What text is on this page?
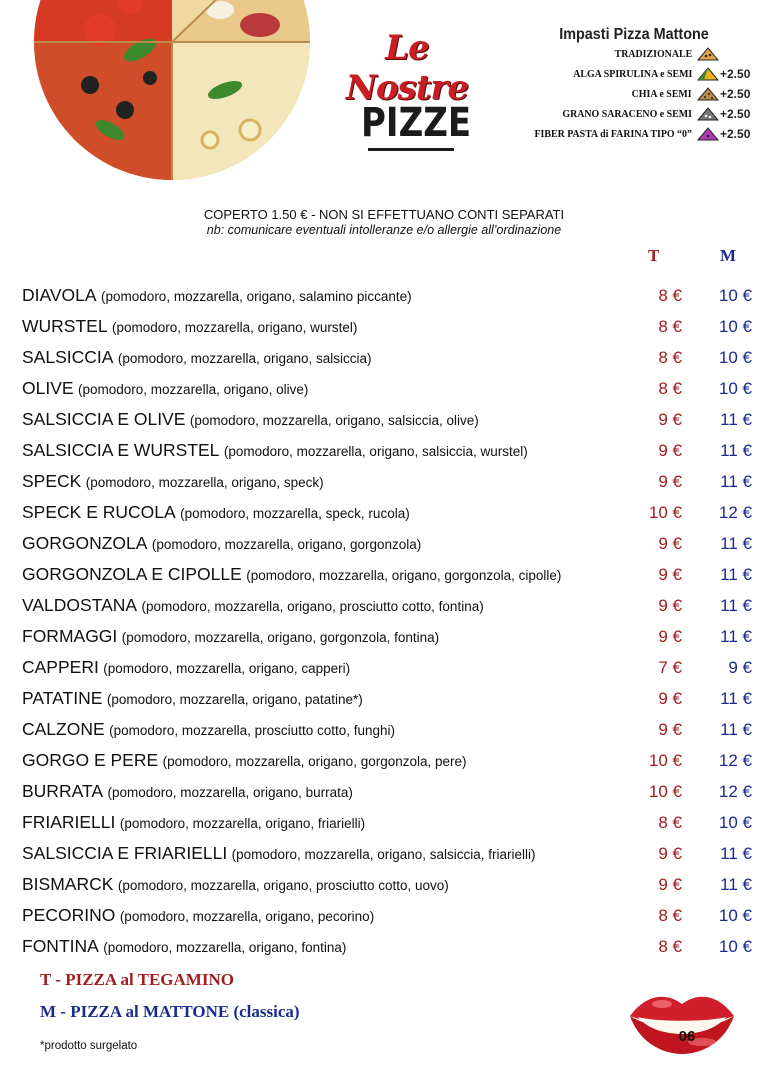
Le Nostre
PIZZE
Impasti Pizza Mattone
TRADIZIONALE
ALGA SPIRULINA e SEMI +2.50
CHIA e SEMI +2.50
GRANO SARACENO e SEMI +2.50
FIBER PASTA di FARINA TIPO “0” +2.50
COPERTO 1.50 € - NON SI EFFETTUANO CONTI SEPARATI
nb: comunicare eventuali intolleranze e/o allergie all’ordinazione
T	M
DIAVOLA (pomodoro, mozzarella, origano, salamino piccante)	8 €	10 €
WURSTEL (pomodoro, mozzarella, origano, wurstel)	8 €	10 €
SALSICCIA (pomodoro, mozzarella, origano, salsiccia)	8 €	10 €
OLIVE (pomodoro, mozzarella, origano, olive)	8 €	10 €
SALSICCIA E OLIVE (pomodoro, mozzarella, origano, salsiccia, olive)	9 €	11 €
SALSICCIA E WURSTEL (pomodoro, mozzarella, origano, salsiccia, wurstel)	9 €	11 €
SPECK (pomodoro, mozzarella, origano, speck)	9 €	11 €
SPECK E RUCOLA (pomodoro, mozzarella, speck, rucola)	10 €	12 €
GORGONZOLA (pomodoro, mozzarella, origano, gorgonzola)	9 €	11 €
GORGONZOLA E CIPOLLE (pomodoro, mozzarella, origano, gorgonzola, cipolle)	9 €	11 €
VALDOSTANA (pomodoro, mozzarella, origano, prosciutto cotto, fontina)	9 €	11 €
FORMAGGI (pomodoro, mozzarella, origano, gorgonzola, fontina)	9 €	11 €
CAPPERI (pomodoro, mozzarella, origano, capperi)	7 €	9 €
PATATINE (pomodoro, mozzarella, origano, patatine*)	9 €	11 €
CALZONE (pomodoro, mozzarella, prosciutto cotto, funghi)	9 €	11 €
GORGO E PERE (pomodoro, mozzarella, origano, gorgonzola, pere)	10 €	12 €
BURRATA (pomodoro, mozzarella, origano, burrata)	10 €	12 €
FRIARIELLI (pomodoro, mozzarella, origano, friarielli)	8 €	10 €
SALSICCIA E FRIARIELLI (pomodoro, mozzarella, origano, salsiccia, friarielli)	9 €	11 €
BISMARCK (pomodoro, mozzarella, origano, prosciutto cotto, uovo)	9 €	11 €
PECORINO (pomodoro, mozzarella, origano, pecorino)	8 €	10 €
FONTINA (pomodoro, mozzarella, origano, fontina)	8 €	10 €
T - PIZZA al TEGAMINO
M - PIZZA al MATTONE (classica)
*prodotto surgelato
06
